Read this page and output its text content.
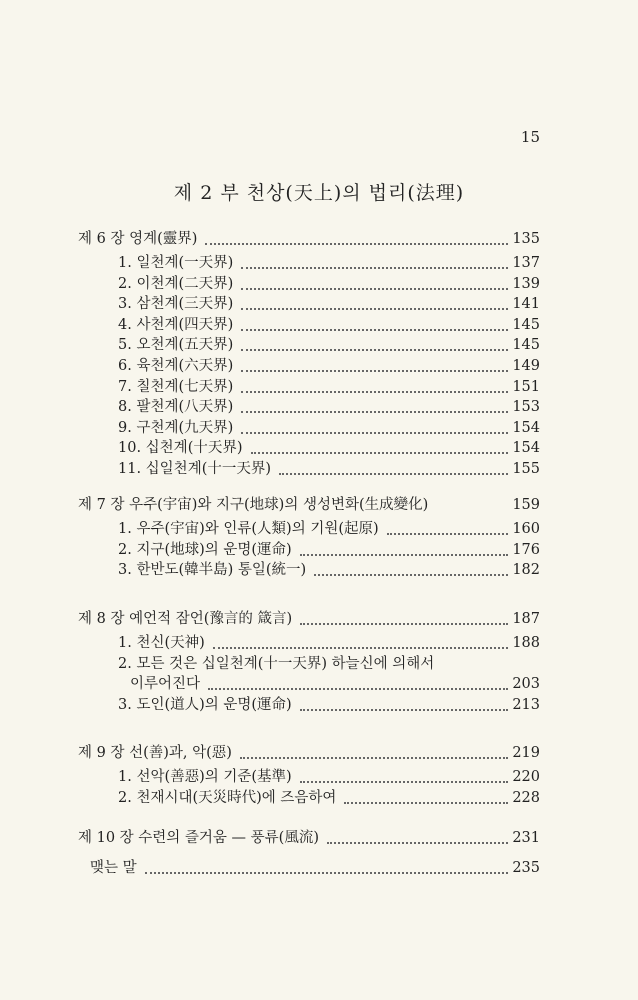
15
제 2 부 천상(天上)의 법리(法理)
제 6 장 영계(靈界)	135
1. 일천계(一天界)	137
2. 이천계(二天界)	139
3. 삼천계(三天界)	141
4. 사천계(四天界)	145
5. 오천계(五天界)	145
6. 육천계(六天界)	149
7. 칠천계(七天界)	151
8. 팔천계(八天界)	153
9. 구천계(九天界)	154
10. 십천계(十天界)	154
11. 십일천계(十一天界)	155
제 7 장 우주(宇宙)와 지구(地球)의 생성변화(生成變化)	159
1. 우주(宇宙)와 인류(人類)의 기원(起原)	160
2. 지구(地球)의 운명(運命)	176
3. 한반도(韓半島) 통일(統一)	182
제 8 장 예언적 잠언(豫言的 箴言)	187
1. 천신(天神)	188
2. 모든 것은 십일천계(十一天界) 하늘신에 의해서
이루어진다	203
3. 도인(道人)의 운명(運命)	213
제 9 장 선(善)과, 악(惡)	219
1. 선악(善惡)의 기준(基準)	220
2. 천재시대(天災時代)에 즈음하여	228
제 10 장 수련의 즐거움 — 풍류(風流)	231
맺는 말	235
